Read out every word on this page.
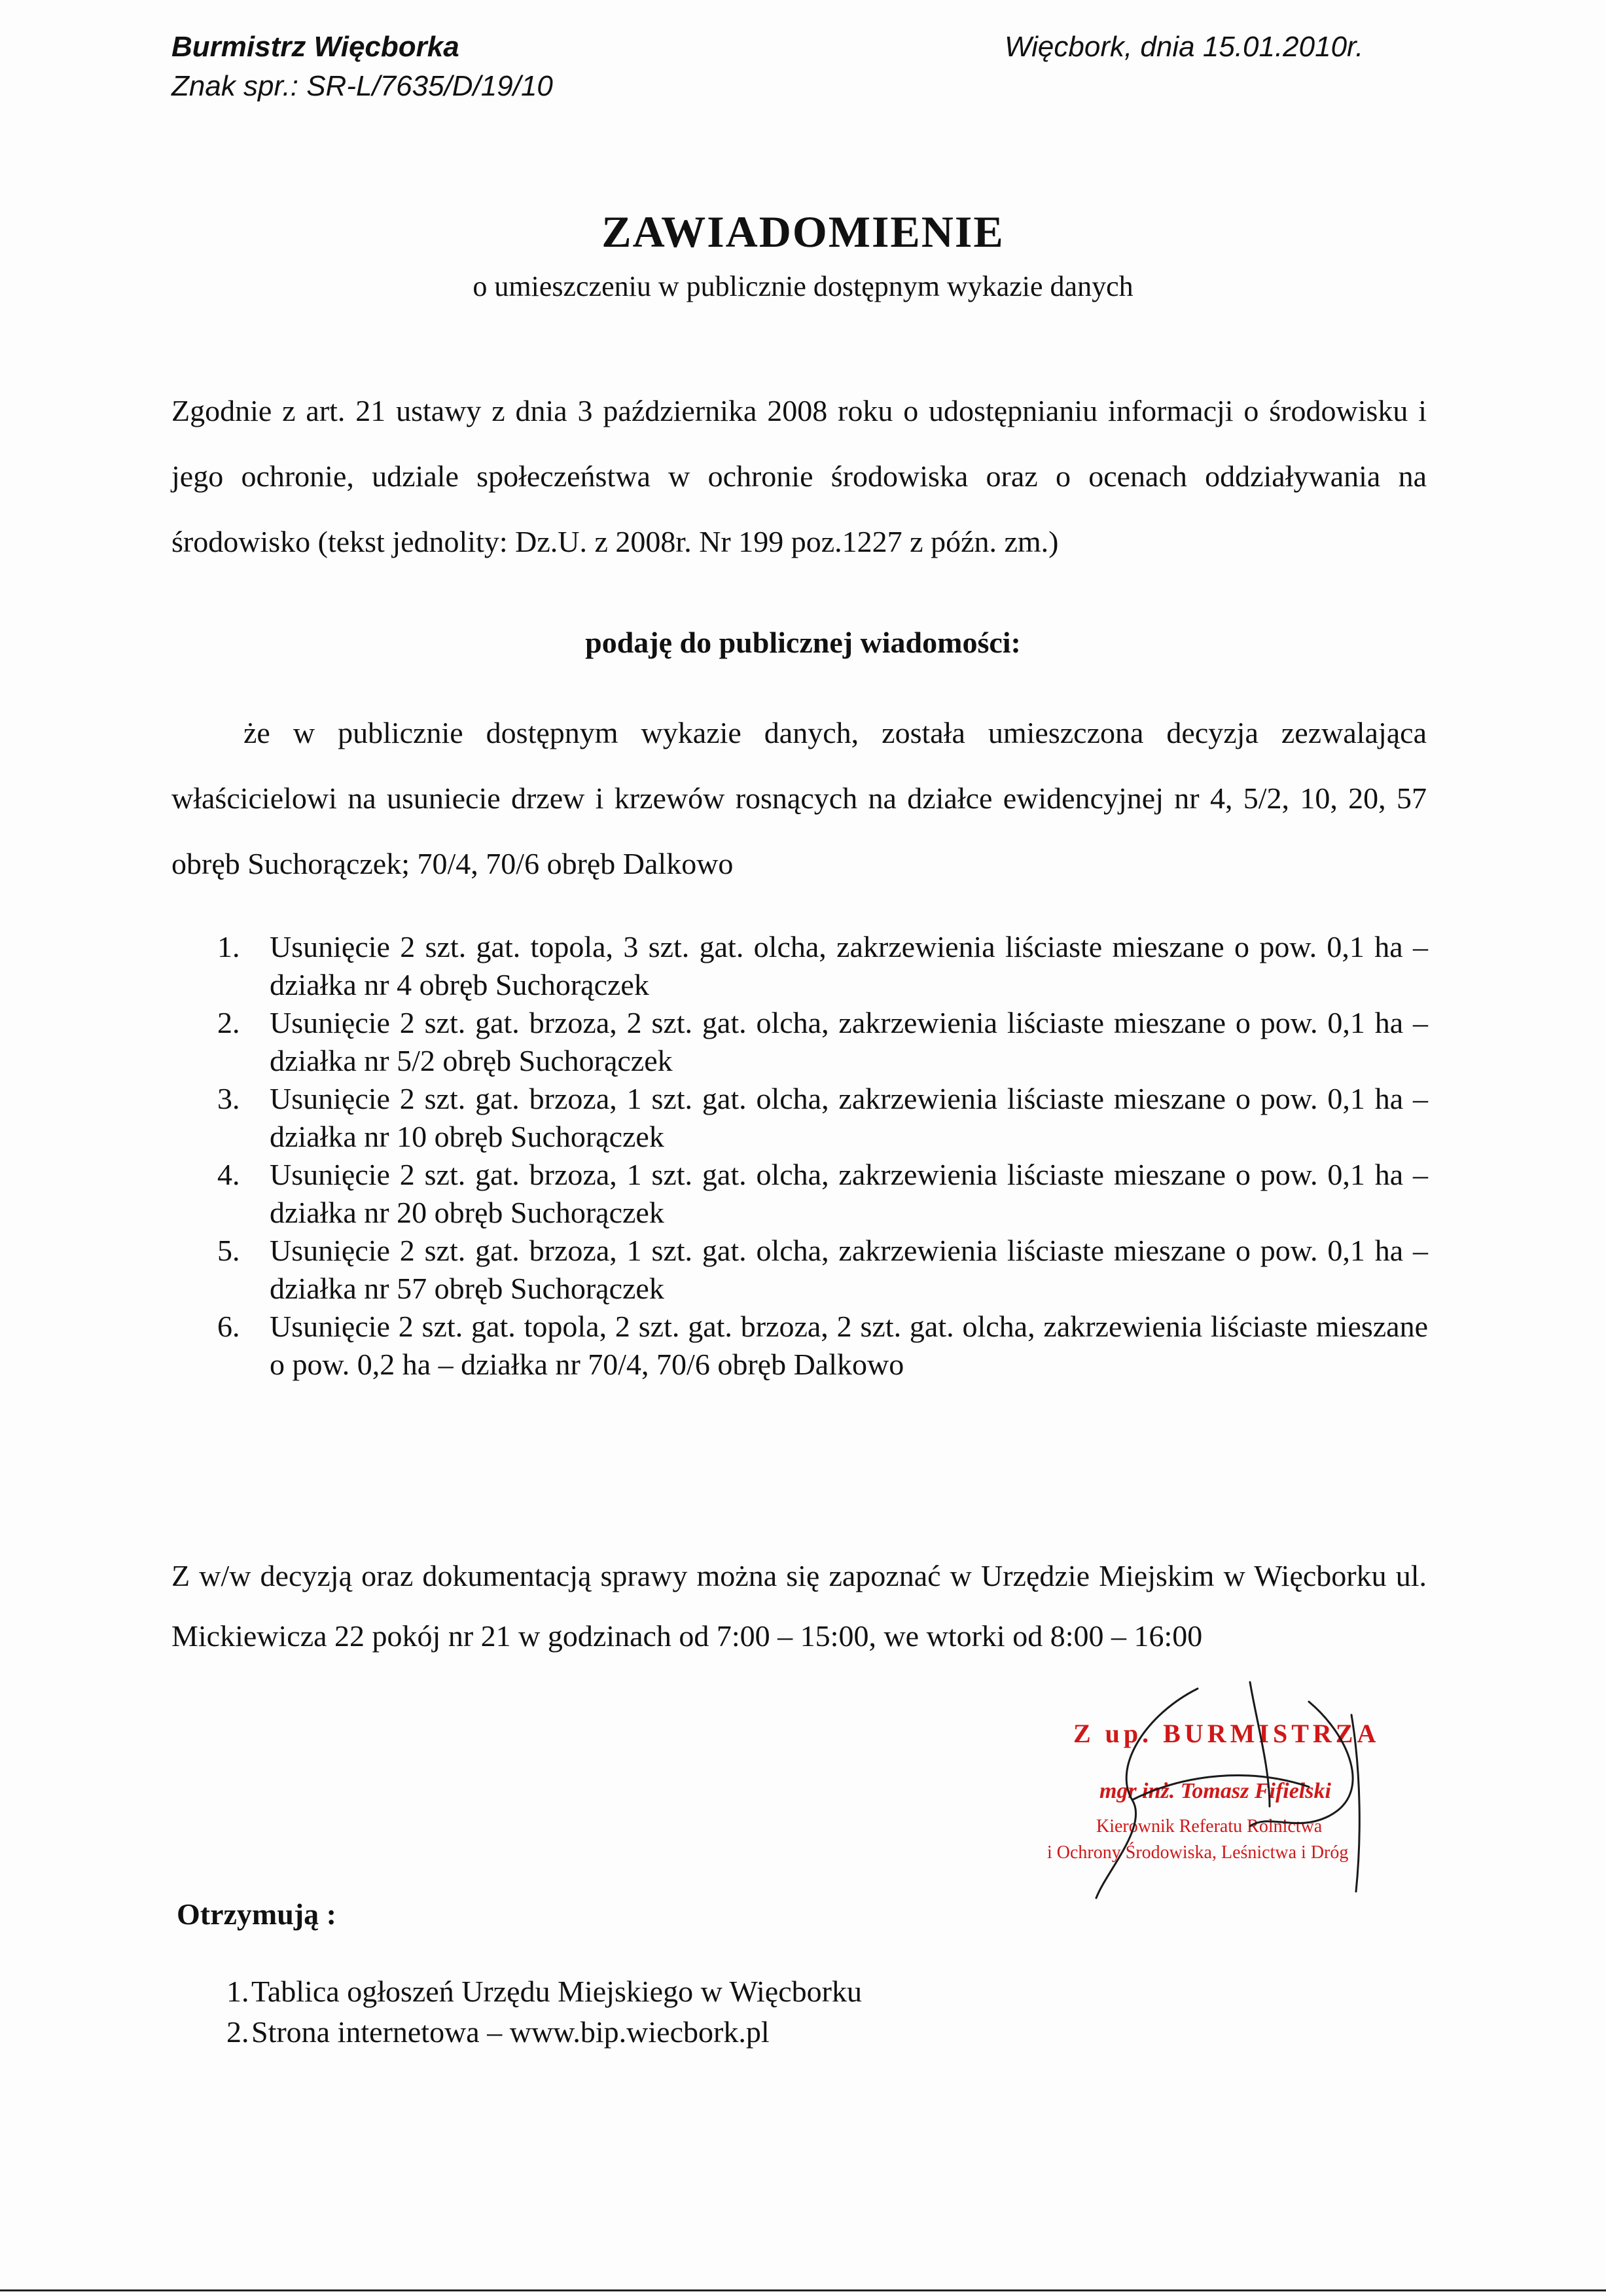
Burmistrz Więcborka
Znak spr.: SR-L/7635/D/19/10
Więcbork, dnia 15.01.2010r.
ZAWIADOMIENIE
o umieszczeniu w publicznie dostępnym wykazie danych
Zgodnie z art. 21 ustawy z dnia 3 października 2008 roku o udostępnianiu informacji o środowisku i jego ochronie, udziale społeczeństwa w ochronie środowiska oraz o ocenach oddziaływania na środowisko (tekst jednolity: Dz.U. z 2008r. Nr 199 poz.1227 z późn. zm.)
podaję do publicznej wiadomości:
że w publicznie dostępnym wykazie danych, została umieszczona decyzja zezwalająca właścicielowi na usuniecie drzew i krzewów rosnących na działce ewidencyjnej nr 4, 5/2, 10, 20, 57 obręb Suchorączek; 70/4, 70/6 obręb Dalkowo
1. Usunięcie 2 szt. gat. topola, 3 szt. gat. olcha, zakrzewienia liściaste mieszane o pow. 0,1 ha – działka nr 4 obręb Suchorączek
2. Usunięcie 2 szt. gat. brzoza, 2 szt. gat. olcha, zakrzewienia liściaste mieszane o pow. 0,1 ha – działka nr 5/2 obręb Suchorączek
3. Usunięcie 2 szt. gat. brzoza, 1 szt. gat. olcha, zakrzewienia liściaste mieszane o pow. 0,1 ha – działka nr 10 obręb Suchorączek
4. Usunięcie 2 szt. gat. brzoza, 1 szt. gat. olcha, zakrzewienia liściaste mieszane o pow. 0,1 ha – działka nr 20 obręb Suchorączek
5. Usunięcie 2 szt. gat. brzoza, 1 szt. gat. olcha, zakrzewienia liściaste mieszane o pow. 0,1 ha – działka nr 57 obręb Suchorączek
6. Usunięcie 2 szt. gat. topola, 2 szt. gat. brzoza, 2 szt. gat. olcha, zakrzewienia liściaste mieszane o pow. 0,2 ha – działka nr 70/4, 70/6 obręb Dalkowo
Z w/w decyzją oraz dokumentacją sprawy można się zapoznać w Urzędzie Miejskim w Więcborku ul. Mickiewicza 22 pokój nr 21 w godzinach od 7:00 – 15:00, we wtorki od 8:00 – 16:00
Z up. BURMISTRZA
mgr inż. Tomasz Fifielski
Kierownik Referatu Rolnictwa
i Ochrony Środowiska, Leśnictwa i Dróg
Otrzymują :
1. Tablica ogłoszeń Urzędu Miejskiego w Więcborku
2. Strona internetowa – www.bip.wiecbork.pl
